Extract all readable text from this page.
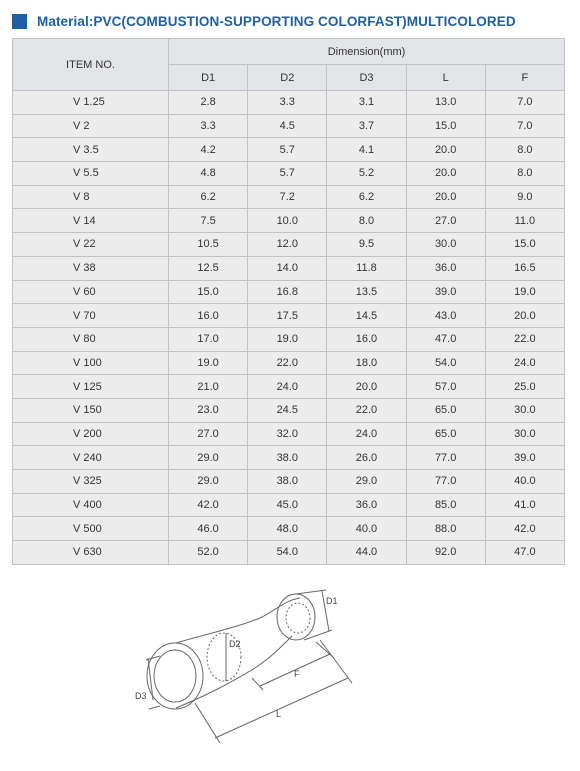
Material:PVC(COMBUSTION-SUPPORTING COLORFAST)MULTICOLORED
ITEM NO.	Dimension(mm)				
	D1	D2	D3	L	F
V 1.25	2.8	3.3	3.1	13.0	7.0
V 2	3.3	4.5	3.7	15.0	7.0
V 3.5	4.2	5.7	4.1	20.0	8.0
V 5.5	4.8	5.7	5.2	20.0	8.0
V 8	6.2	7.2	6.2	20.0	9.0
V 14	7.5	10.0	8.0	27.0	11.0
V 22	10.5	12.0	9.5	30.0	15.0
V 38	12.5	14.0	11.8	36.0	16.5
V 60	15.0	16.8	13.5	39.0	19.0
V 70	16.0	17.5	14.5	43.0	20.0
V 80	17.0	19.0	16.0	47.0	22.0
V 100	19.0	22.0	18.0	54.0	24.0
V 125	21.0	24.0	20.0	57.0	25.0
V 150	23.0	24.5	22.0	65.0	30.0
V 200	27.0	32.0	24.0	65.0	30.0
V 240	29.0	38.0	26.0	77.0	39.0
V 325	29.0	38.0	29.0	77.0	40.0
V 400	42.0	45.0	36.0	85.0	41.0
V 500	46.0	48.0	40.0	88.0	42.0
V 630	52.0	54.0	44.0	92.0	47.0
D1
D2
D3
F
L
